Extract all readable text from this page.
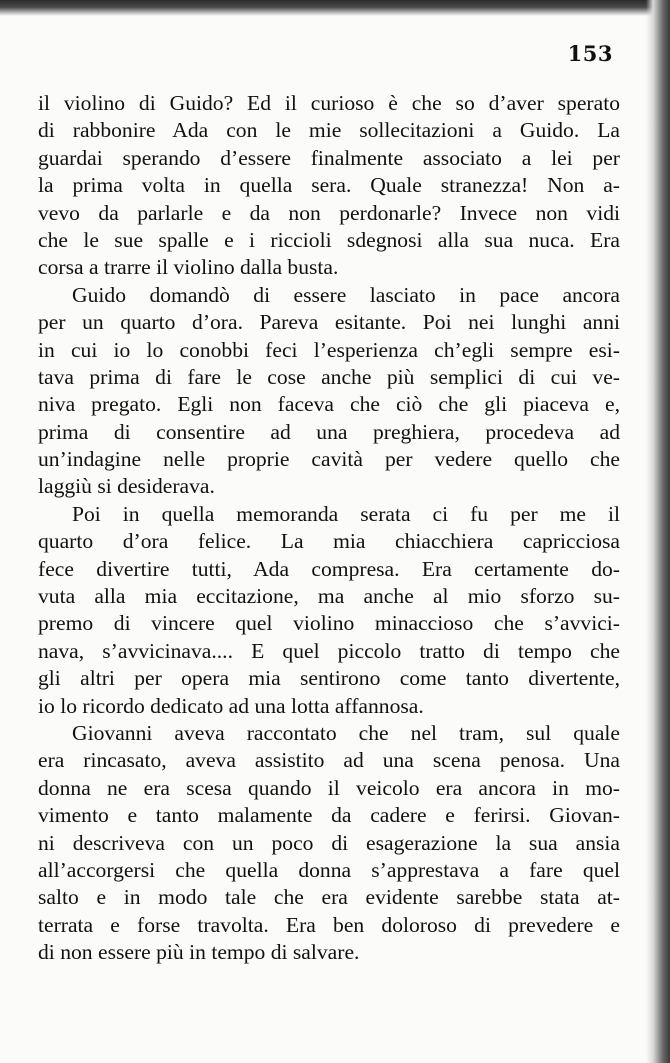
153

il violino di Guido? Ed il curioso è che so d’aver sperato
di rabbonire Ada con le mie sollecitazioni a Guido. La
guardai sperando d’essere finalmente associato a lei per
la prima volta in quella sera. Quale stranezza! Non a-
vevo da parlarle e da non perdonarle? Invece non vidi
che le sue spalle e i riccioli sdegnosi alla sua nuca. Era
corsa a trarre il violino dalla busta.

Guido domandò di essere lasciato in pace ancora
per un quarto d’ora. Pareva esitante. Poi nei lunghi anni
in cui io lo conobbi feci l’esperienza ch’egli sempre esi-
tava prima di fare le cose anche più semplici di cui ve-
niva pregato. Egli non faceva che ciò che gli piaceva e,
prima di consentire ad una preghiera, procedeva ad
un’indagine nelle proprie cavità per vedere quello che
laggiù si desiderava.

Poi in quella memoranda serata ci fu per me il
quarto d’ora felice. La mia chiacchiera capricciosa
fece divertire tutti, Ada compresa. Era certamente do-
vuta alla mia eccitazione, ma anche al mio sforzo su-
premo di vincere quel violino minaccioso che s’avvici-
nava, s’avvicinava.... E quel piccolo tratto di tempo che
gli altri per opera mia sentirono come tanto divertente,
io lo ricordo dedicato ad una lotta affannosa.

Giovanni aveva raccontato che nel tram, sul quale
era rincasato, aveva assistito ad una scena penosa. Una
donna ne era scesa quando il veicolo era ancora in mo-
vimento e tanto malamente da cadere e ferirsi. Giovan-
ni descriveva con un poco di esagerazione la sua ansia
all’accorgersi che quella donna s’apprestava a fare quel
salto e in modo tale che era evidente sarebbe stata at-
terrata e forse travolta. Era ben doloroso di prevedere e
di non essere più in tempo di salvare.
